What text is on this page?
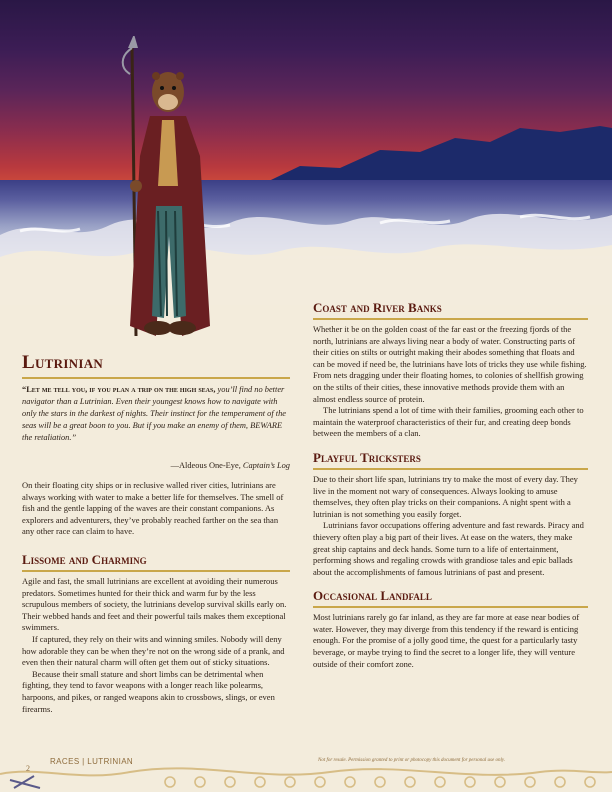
Lutrinian

“Let me tell you, if you plan a trip on the high seas, you’ll find no better navigator than a Lutrinian. Even their youngest knows how to navigate with only the stars in the darkest of nights. Their instinct for the temperament of the seas will be a great boon to you. But if you make an enemy of them, BEWARE the retaliation.”

—Aldeous One-Eye, Captain’s Log

On their floating city ships or in reclusive walled river cities, lutrinians are always working with water to make a better life for themselves. The smell of fish and the gentle lapping of the waves are their constant companions. As explorers and adventurers, they’ve probably reached farther on the sea than any other race can claim to have.

Lissome and Charming

Agile and fast, the small lutrinians are excellent at avoiding their numerous predators. Sometimes hunted for their thick and warm fur by the less scrupulous members of society, the lutrinians develop survival skills early on. Their webbed hands and feet and their powerful tails makes them exceptional swimmers.

If captured, they rely on their wits and winning smiles. Nobody will deny how adorable they can be when they’re not on the wrong side of a prank, and even then their natural charm will often get them out of sticky situations.

Because their small stature and short limbs can be detrimental when fighting, they tend to favor weapons with a longer reach like polearms, harpoons, and pikes, or ranged weapons akin to crossbows, slings, or even firearms.

Coast and River Banks

Whether it be on the golden coast of the far east or the freezing fjords of the north, lutrinians are always living near a body of water. Constructing parts of their cities on stilts or outright making their abodes something that floats and can be moved if need be, the lutrinians have lots of tricks they use while fishing. From nets dragging under their floating homes, to colonies of shellfish growing on the stilts of their cities, these innovative methods provide them with an almost endless source of protein.

The lutrinians spend a lot of time with their families, grooming each other to maintain the waterproof characteristics of their fur, and creating deep bonds between the members of a clan.

Playful Tricksters

Due to their short life span, lutrinians try to make the most of every day. They live in the moment not wary of consequences. Always looking to amuse themselves, they often play tricks on their companions. A night spent with a lutrinian is not something you easily forget.

Lutrinians favor occupations offering adventure and fast rewards. Piracy and thievery often play a big part of their lives. At ease on the waters, they make great ship captains and deck hands. Some turn to a life of entertainment, performing shows and regaling crowds with grandiose tales and epic ballads about the accomplishments of famous lutrinians of past and present.

Occasional Landfall

Most lutrinians rarely go far inland, as they are far more at ease near bodies of water. However, they may diverge from this tendency if the reward is enticing enough. For the promise of a jolly good time, the quest for a particularly tasty beverage, or maybe trying to find the secret to a longer life, they will venture outside of their comfort zone.

RACES | LUTRINIAN	Not for resale. Permission granted to print or photocopy this document for personal use only.
2
